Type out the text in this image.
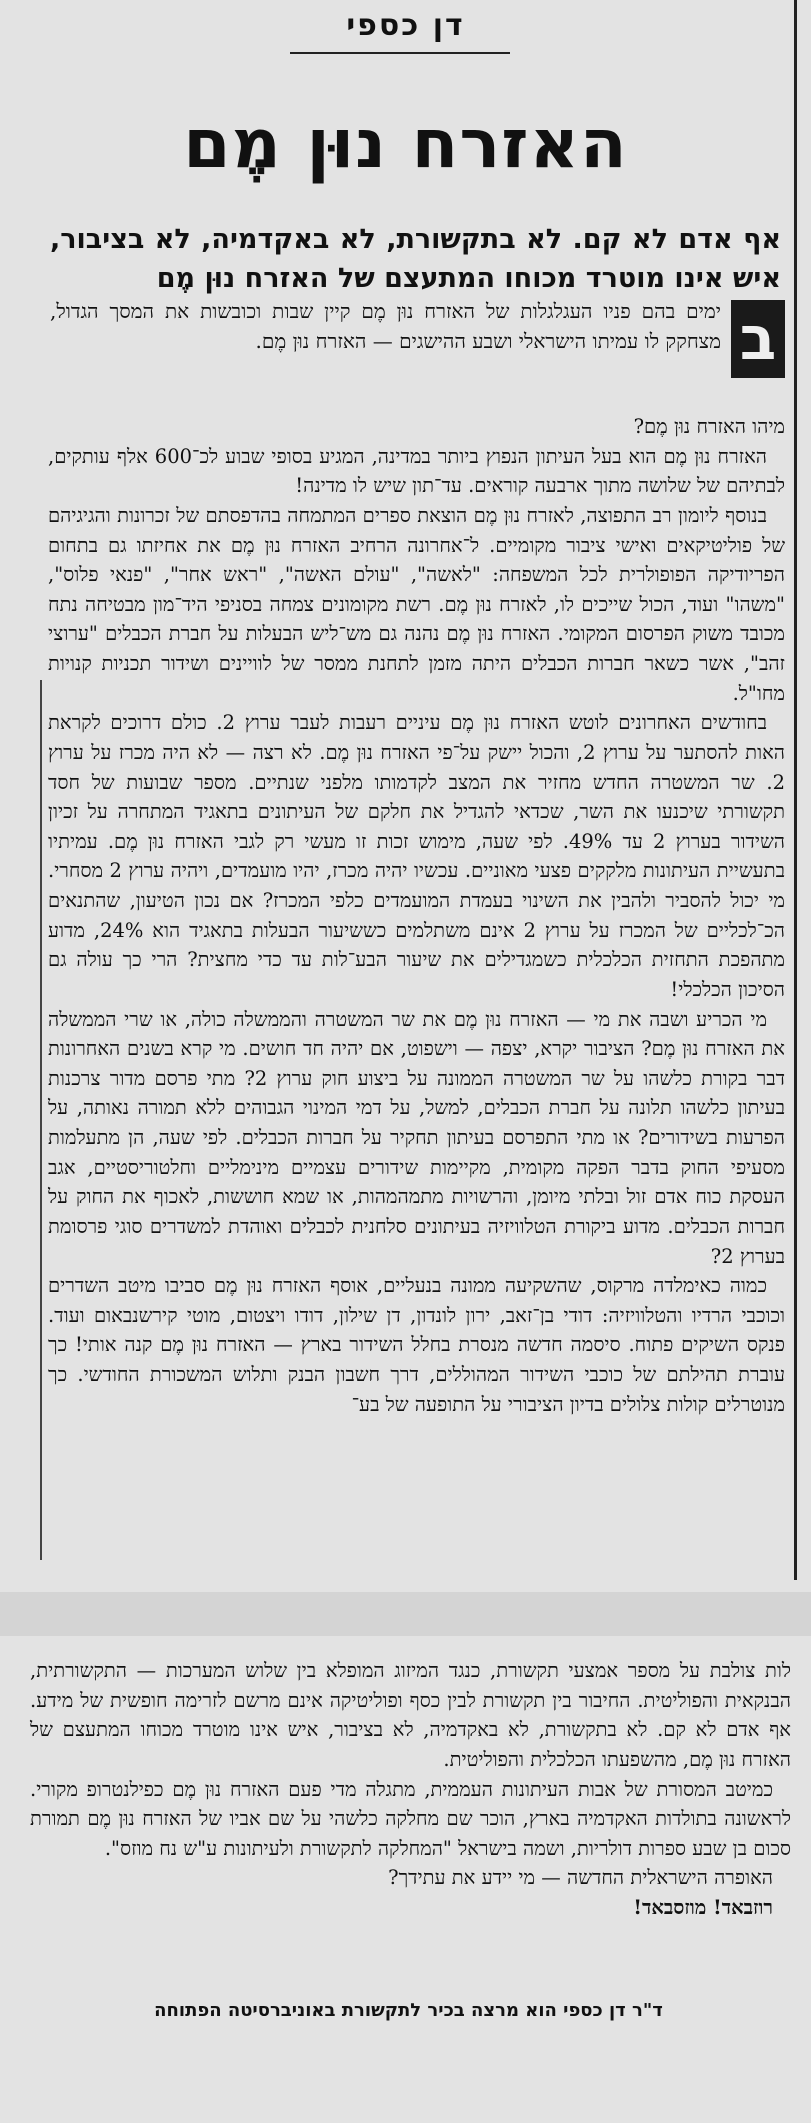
דן כספי
האזרח נוּן מֶם
אף אדם לא קם. לא בתקשורת, לא באקדמיה, לא בציבור, איש אינו מוטרד מכוחו המתעצם של האזרח נוּן מֶם
ב
ימים בהם פניו העגלגלות של האזרח נוּן מֶם קיין שבות וכובשות את המסך הגדול, מצחקק לו עמיתו הישראלי ושבע ההישגים — האזרח נוּן מֶם.

מיהו האזרח נוּן מֶם?

האזרח נוּן מֶם הוא בעל העיתון הנפוץ ביותר במדינה, המגיע בסופי שבוע לכ־600 אלף עותקים, לבתיהם של שלושה מתוך ארבעה קוראים. עד־תון שיש לו מדינה!

בנוסף ליומון רב התפוצה, לאזרח נוּן מֶם הוצאת ספרים המתמחה בהדפסתם של זכרונות והגיגיהם של פוליטיקאים ואישי ציבור מקומיים. ל־אחרונה הרחיב האזרח נוּן מֶם את אחיזתו גם בתחום הפריודיקה הפופולרית לכל המשפחה: "לאשה", "עולם האשה", "ראש אחר", "פנאי פלוס", "משהו" ועוד, הכול שייכים לו, לאזרח נוּן מֶם. רשת מקומונים צמחה בסניפי היד־מון מבטיחה נתח מכובד משוק הפרסום המקומי. האזרח נוּן מֶם נהנה גם מש־ליש הבעלות על חברת הכבלים "ערוצי זהב", אשר כשאר חברות הכבלים היתה מזמן לתחנת ממסר של לוויינים ושידור תכניות קנויות מחו"ל.

בחודשים האחרונים לוטש האזרח נוּן מֶם עיניים רעבות לעבר ערוץ 2. כולם דרוכים לקראת האות להסתער על ערוץ 2, והכול יישק על־פי האזרח נוּן מֶם. לא רצה — לא היה מכרז על ערוץ 2. שר המשטרה החדש מחזיר את המצב לקדמותו מלפני שנתיים. מספר שבועות של חסד תקשורתי שיכנעו את השר, שכדאי להגדיל את חלקם של העיתונים בתאגיד המתחרה על זכיון השידור בערוץ 2 עד 49%. לפי שעה, מימוש זכות זו מעשי רק לגבי האזרח נוּן מֶם. עמיתיו בתעשיית העיתונות מלקקים פצעי מאוניים. עכשיו יהיה מכרז, יהיו מועמדים, ויהיה ערוץ 2 מסחרי. מי יכול להסביר ולהבין את השינוי בעמדת המועמדים כלפי המכרז? אם נכון הטיעון, שהתנאים הכ־לכליים של המכרז על ערוץ 2 אינם משתלמים כששיעור הבעלות בתאגיד הוא 24%, מדוע מתהפכת התחזית הכלכלית כשמגדילים את שיעור הבע־לות עד כדי מחצית? הרי כך עולה גם הסיכון הכלכלי!

מי הכריע ושבה את מי — האזרח נוּן מֶם את שר המשטרה והממשלה כולה, או שרי הממשלה את האזרח נוּן מֶם? הציבור יקרא, יצפה — וישפוט, אם יהיה חד חושים. מי קרא בשנים האחרונות דבר בקורת כלשהו על שר המשטרה הממונה על ביצוע חוק ערוץ 2? מתי פרסם מדור צרכנות בעיתון כלשהו תלונה על חברת הכבלים, למשל, על דמי המינוי הגבוהים ללא תמורה נאותה, על הפרעות בשידורים? או מתי התפרסם בעיתון תחקיר על חברות הכבלים. לפי שעה, הן מתעלמות מסעיפי החוק בדבר הפקה מקומית, מקיימות שידורים עצמיים מינימליים וחלטוריסטיים, אגב העסקת כוח אדם זול ובלתי מיומן, והרשויות מתמהמהות, או שמא חוששות, לאכוף את החוק על חברות הכבלים. מדוע ביקורת הטלוויזיה בעיתונים סלחנית לכבלים ואוהדת למשדרים סוגי פרסומת בערוץ 2?

כמוה כאימלדה מרקוס, שהשקיעה ממונה בנעליים, אוסף האזרח נוּן מֶם סביבו מיטב השדרים וכוכבי הרדיו והטלוויזיה: דודי בן־זאב, ירון לונדון, דן שילון, דודו ויצטום, מוטי קירשנבאום ועוד. פנקס השיקים פתוח. סיסמה חדשה מנסרת בחלל השידור בארץ — האזרח נוּן מֶם קנה אותי! כך עוברת תהילתם של כוכבי השידור המהוללים, דרך חשבון הבנק ותלוש המשכורת החודשי. כך מנוטרלים קולות צלולים בדיון הציבורי על התופעה של בע־

לות צולבת על מספר אמצעי תקשורת, כנגד המיזוג המופלא בין שלוש המערכות — התקשורתית, הבנקאית והפוליטית. החיבור בין תקשורת לבין כסף ופוליטיקה אינם מרשם לזרימה חופשית של מידע. אף אדם לא קם. לא בתקשורת, לא באקדמיה, לא בציבור, איש אינו מוטרד מכוחו המתעצם של האזרח נוּן מֶם, מהשפעתו הכלכלית והפוליטית.

כמיטב המסורת של אבות העיתונות העממית, מתגלה מדי פעם האזרח נוּן מֶם כפילנטרופ מקורי. לראשונה בתולדות האקדמיה בארץ, הוכר שם מחלקה כלשהי על שם אביו של האזרח נוּן מֶם תמורת סכום בן שבע ספרות דולריות, ושמה בישראל "המחלקה לתקשורת ולעיתונות ע"ש נח מוזס".

האופרה הישראלית החדשה — מי יידע את עתידך?

רוזבאד! מוזסבאד!

ד"ר דן כספי הוא מרצה בכיר לתקשורת באוניברסיטה הפתוחה
